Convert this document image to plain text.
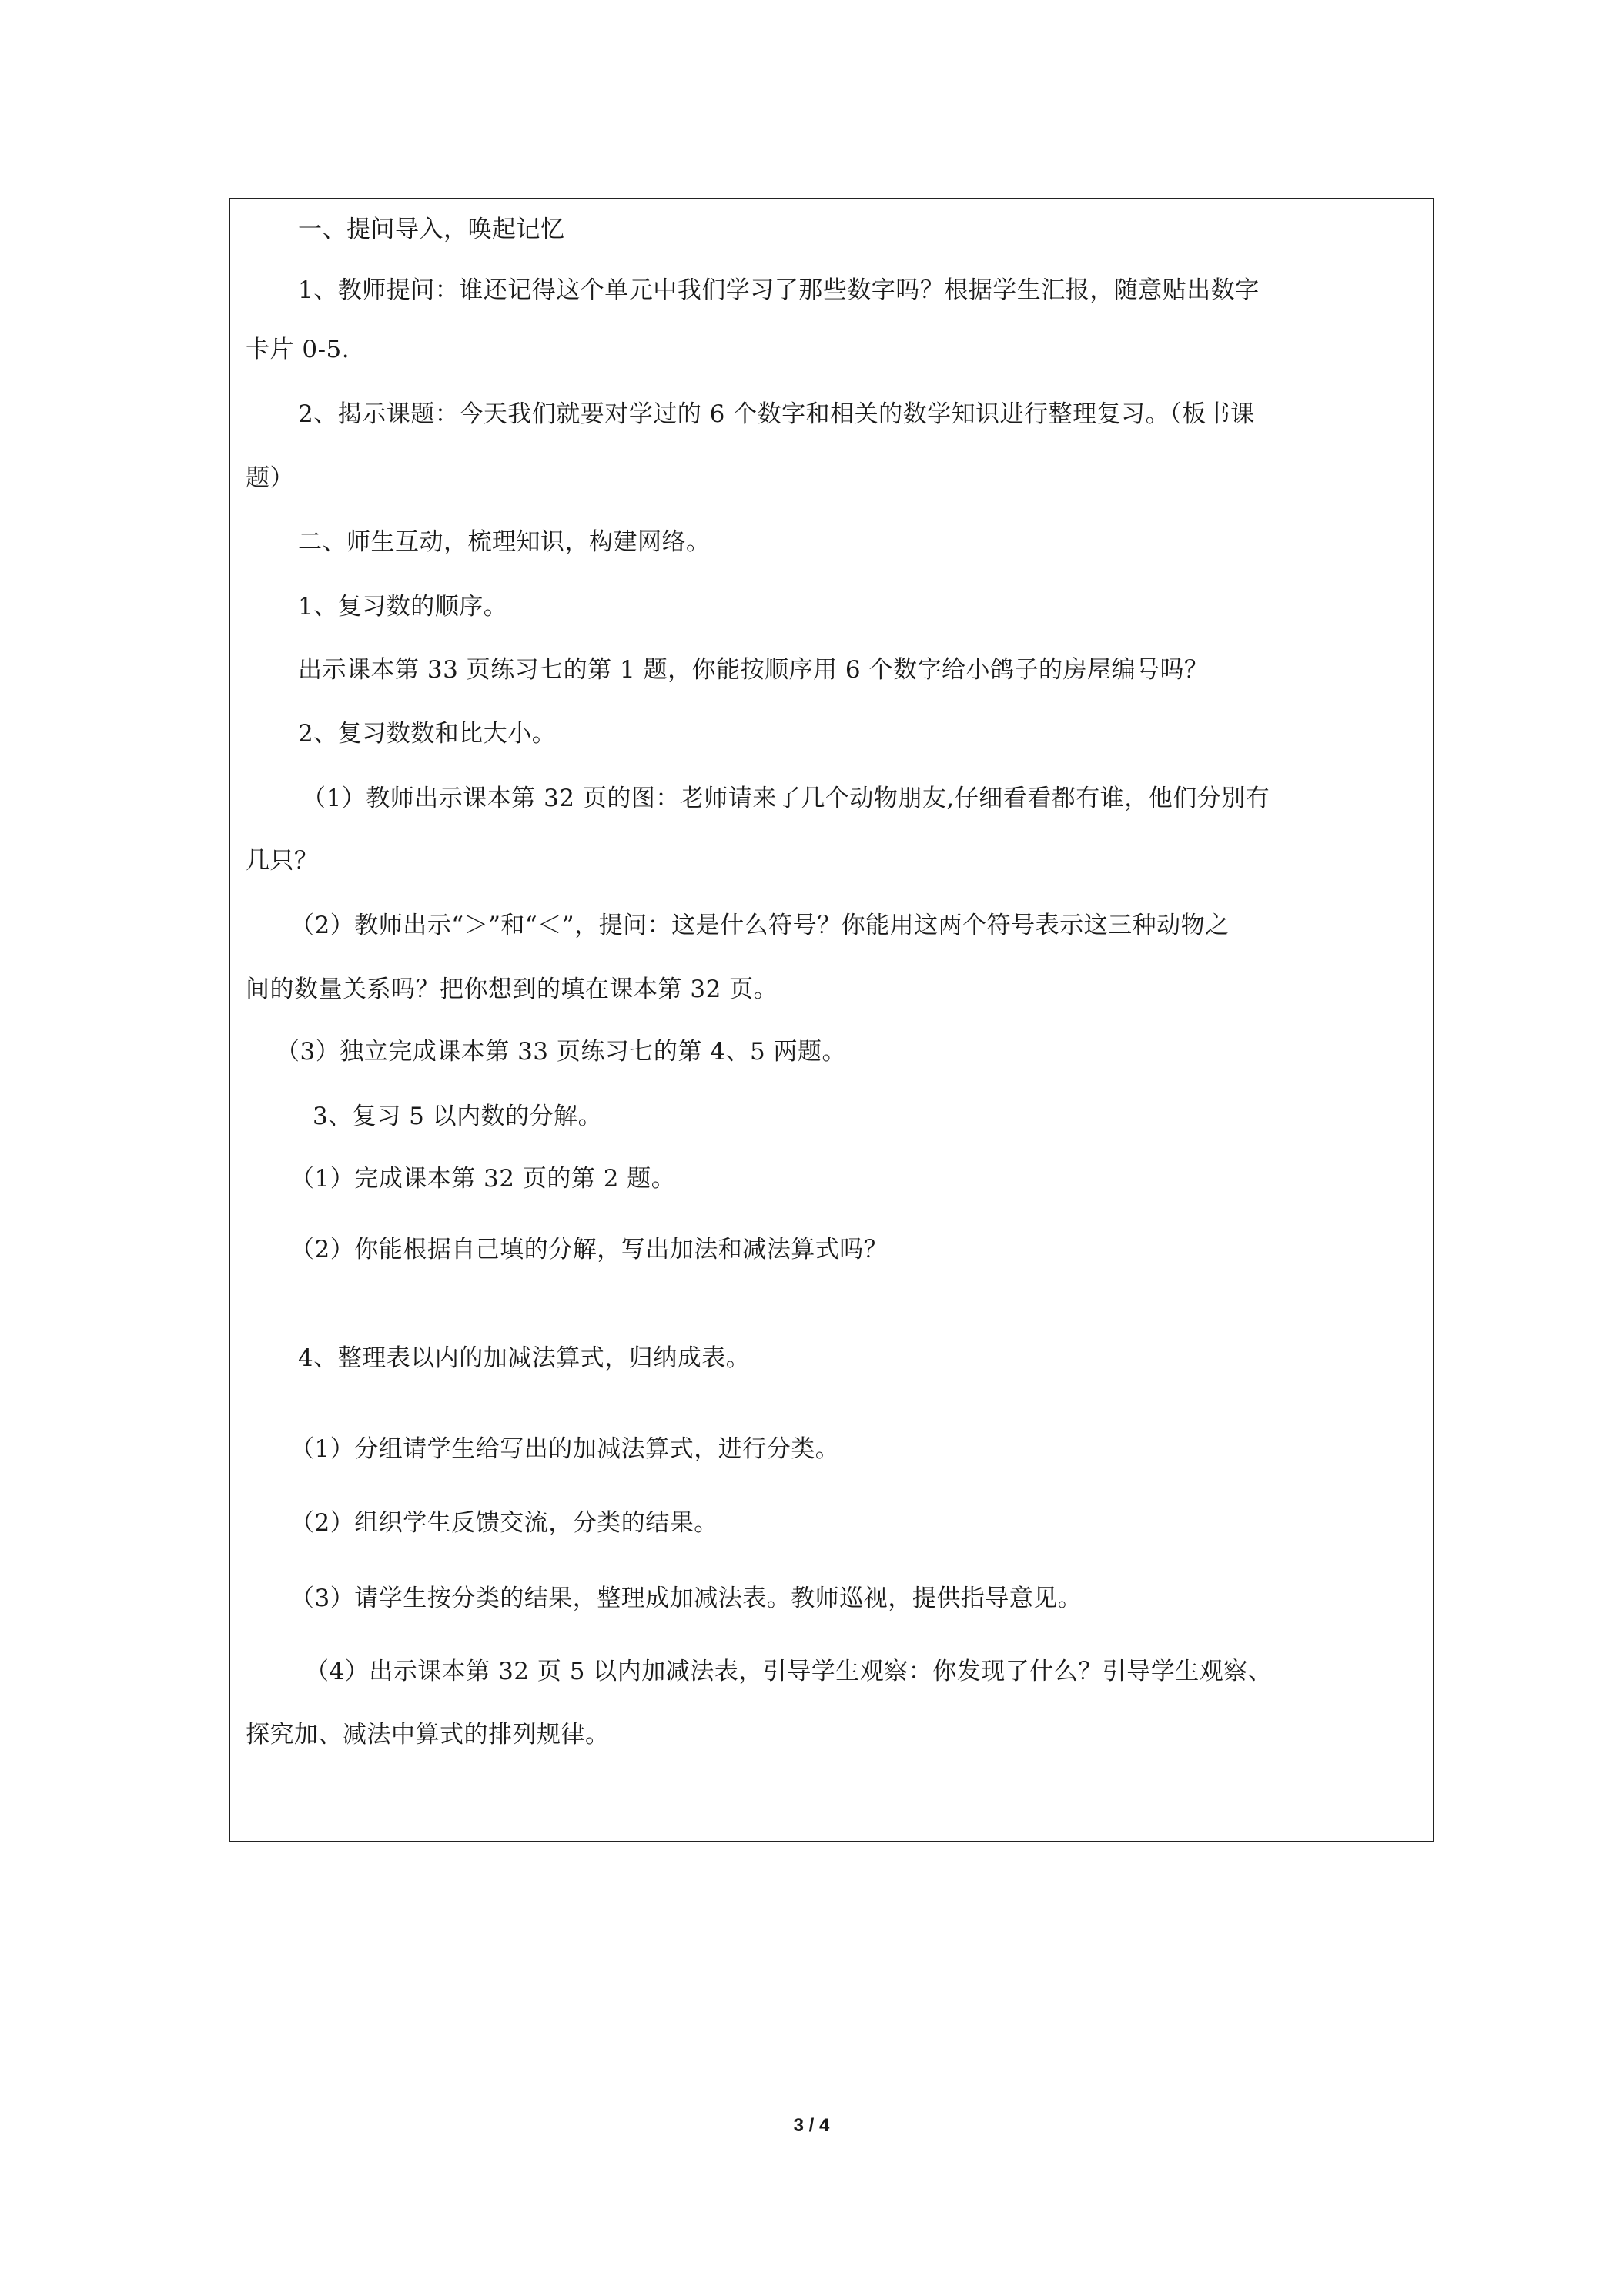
一、提问导入，唤起记忆
1、教师提问：谁还记得这个单元中我们学习了那些数字吗？根据学生汇报，随意贴出数字
卡片 0-5.
2、揭示课题：今天我们就要对学过的 6 个数字和相关的数学知识进行整理复习。（板书课
题）
二、师生互动，梳理知识，构建网络。
1、复习数的顺序。
出示课本第 33 页练习七的第 1 题，你能按顺序用 6 个数字给小鸽子的房屋编号吗？
2、复习数数和比大小。
（1）教师出示课本第 32 页的图：老师请来了几个动物朋友,仔细看看都有谁，他们分别有
几只？
（2）教师出示“＞”和“＜”，提问：这是什么符号？你能用这两个符号表示这三种动物之
间的数量关系吗？把你想到的填在课本第 32 页。
（3）独立完成课本第 33 页练习七的第 4、5 两题。
3、复习 5 以内数的分解。
（1）完成课本第 32 页的第 2 题。
（2）你能根据自己填的分解，写出加法和减法算式吗？
4、整理表以内的加减法算式，归纳成表。
（1）分组请学生给写出的加减法算式，进行分类。
（2）组织学生反馈交流，分类的结果。
（3）请学生按分类的结果，整理成加减法表。教师巡视，提供指导意见。
（4）出示课本第 32 页 5 以内加减法表，引导学生观察：你发现了什么？引导学生观察、
探究加、减法中算式的排列规律。
3 / 4
